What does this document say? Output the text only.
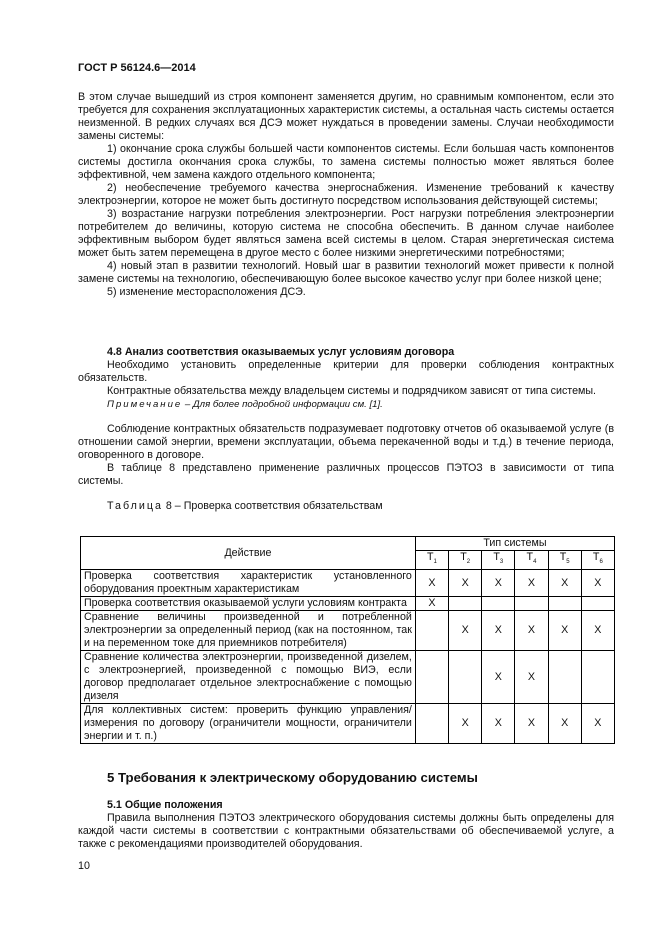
ГОСТ Р 56124.6—2014

В этом случае вышедший из строя компонент заменяется другим, но сравнимым компонентом, если это требуется для сохранения эксплуатационных характеристик системы, а остальная часть системы остается неизменной. В редких случаях вся ДСЭ может нуждаться в проведении замены. Случаи необходимости замены системы:

1) окончание срока службы большей части компонентов системы. Если большая часть компонентов системы достигла окончания срока службы, то замена системы полностью может являться более эффективной, чем замена каждого отдельного компонента;

2) необеспечение требуемого качества энергоснабжения. Изменение требований к качеству электроэнергии, которое не может быть достигнуто посредством использования действующей системы;

3) возрастание нагрузки потребления электроэнергии. Рост нагрузки потребления электроэнергии потребителем до величины, которую система не способна обеспечить. В данном случае наиболее эффективным выбором будет являться замена всей системы в целом. Старая энергетическая система может быть затем перемещена в другое место с более низкими энергетическими потребностями;

4) новый этап в развитии технологий. Новый шаг в развитии технологий может привести к полной замене системы на технологию, обеспечивающую более высокое качество услуг при более низкой цене;

5) изменение месторасположения ДСЭ.

4.8 Анализ соответствия оказываемых услуг условиям договора

Необходимо установить определенные критерии для проверки соблюдения контрактных обязательств.

Контрактные обязательства между владельцем системы и подрядчиком зависят от типа системы.

Примечание – Для более подробной информации см. [1].

Соблюдение контрактных обязательств подразумевает подготовку отчетов об оказываемой услуге (в отношении самой энергии, времени эксплуатации, объема перекаченной воды и т.д.) в течение периода, оговоренного в договоре.

В таблице 8 представлено применение различных процессов ПЭТОЗ в зависимости от типа системы.

Таблица 8 – Проверка соответствия обязательствам

Действие	Тип системы					
	$T_1$	$T_2$	$T_3$	$T_4$	$T_5$	$T_6$
Проверка соответствия характеристик установленного оборудования проектным характеристикам	X	X	X	X	X	X
Проверка соответствия оказываемой услуги условиям контракта	X					
Сравнение величины произведенной и потребленной электроэнергии за определенный период (как на постоянном, так и на переменном токе для приемников потребителя)		X	X	X	X	X
Сравнение количества электроэнергии, произведенной дизелем, с электроэнергией, произведенной с помощью ВИЭ, если договор предполагает отдельное электроснабжение с помощью дизеля			X	X		
Для коллективных систем: проверить функцию управления/измерения по договору (ограничители мощности, ограничители энергии и т. п.)		X	X	X	X	X
5 Требования к электрическому оборудованию системы

5.1 Общие положения

Правила выполнения ПЭТОЗ электрического оборудования системы должны быть определены для каждой части системы в соответствии с контрактными обязательствами об обеспечиваемой услуге, а также с рекомендациями производителей оборудования.

10
